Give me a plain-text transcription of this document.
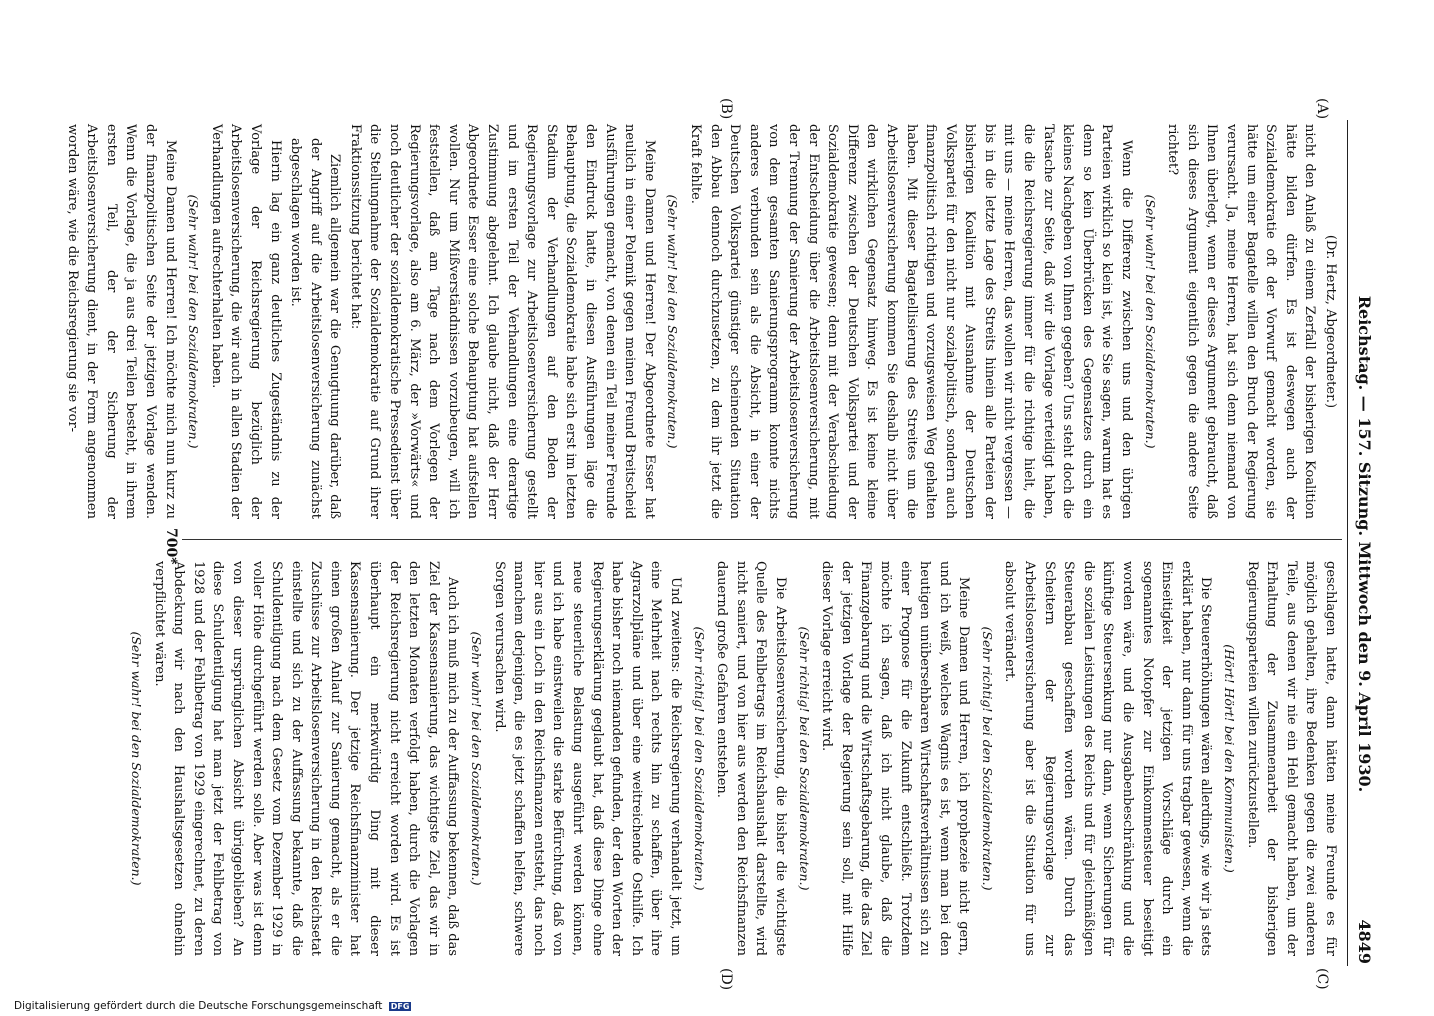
Reichstag. — 157. Sitzung. Mittwoch den 9. April 1930.
4849
(A)
(B)
(C)
(D)

(Dr. Hertz, Abgeordneter.)

nicht den Anlaß zu einem Zerfall der bisherigen Koalition hätte bilden dürfen. Es ist deswegen auch der Sozialdemokratie oft der Vorwurf gemacht worden, sie hätte um einer Bagatelle willen den Bruch der Regierung verursacht. Ja, meine Herren, hat sich denn niemand von Ihnen überlegt, wenn er dieses Argument gebraucht, daß sich dieses Argument eigentlich gegen die andere Seite richtet?

(Sehr wahr! bei den Sozialdemokraten.)

Wenn die Differenz zwischen uns und den übrigen Parteien wirklich so klein ist, wie Sie sagen, warum hat es denn so kein Überbrücken des Gegensatzes durch ein kleines Nachgeben von Ihnen gegeben? Uns steht doch die Tatsache zur Seite, daß wir die Vorlage verteidigt haben, die die Reichsregierung immer für die richtige hielt, die mit uns — meine Herren, das wollen wir nicht vergessen — bis in die letzte Lage des Streits hinein alle Parteien der bisherigen Koalition mit Ausnahme der Deutschen Volkspartei für den nicht nur sozialpolitisch, sondern auch finanzpolitisch richtigen und vorzugsweisen Weg gehalten haben. Mit dieser Bagatellisierung des Streites um die Arbeitslosenversicherung kommen Sie deshalb nicht über den wirklichen Gegensatz hinweg. Es ist keine kleine Differenz zwischen der Deutschen Volkspartei und der Sozialdemokratie gewesen; denn mit der Verabschiedung der Entscheidung über die Arbeitslosenversicherung, mit der Trennung der Sanierung der Arbeitslosenversicherung von dem gesamten Sanierungsprogramm konnte nichts anderes verbunden sein als die Absicht, in einer der Deutschen Volkspartei günstiger scheinenden Situation den Abbau dennoch durchzusetzen, zu dem ihr jetzt die Kraft fehlte.

(Sehr wahr! bei den Sozialdemokraten.)

Meine Damen und Herren! Der Abgeordnete Esser hat neulich in einer Polemik gegen meinen Freund Breitscheid Ausführungen gemacht, von denen ein Teil meiner Freunde den Eindruck hatte, in diesen Ausführungen läge die Behauptung, die Sozialdemokratie habe sich erst im letzten Stadium der Verhandlungen auf den Boden der Regierungsvorlage zur Arbeitslosenversicherung gestellt und im ersten Teil der Verhandlungen eine derartige Zustimmung abgelehnt. Ich glaube nicht, daß der Herr Abgeordnete Esser eine solche Behauptung hat aufstellen wollen. Nur um Mißverständnissen vorzubeugen, will ich feststellen, daß am Tage nach dem Vorlegen der Regierungsvorlage, also am 6. März, der »Vorwärts« und noch deutlicher der sozialdemokratische Pressedienst über die Stellungnahme der Sozialdemokratie auf Grund ihrer Fraktionssitzung berichtet hat:

Ziemlich allgemein war die Genugtuung darüber, daß der Angriff auf die Arbeitslosenversicherung zunächst abgeschlagen worden ist.

Hierin lag ein ganz deutliches Zugeständnis zu der Vorlage der Reichsregierung bezüglich der Arbeitslosenversicherung, die wir auch in allen Stadien der Verhandlungen aufrechterhalten haben.

(Sehr wahr! bei den Sozialdemokraten.)

Meine Damen und Herren! Ich möchte mich nun kurz zu der finanzpolitischen Seite der jetzigen Vorlage wenden. Wenn die Vorlage, die ja aus drei Teilen besteht, in ihrem ersten Teil, der der Sicherung der Arbeitslosenversicherung dient, in der Form angenommen worden wäre, wie die Reichsregierung sie vor-

geschlagen hatte, dann hätten meine Freunde es für möglich gehalten, ihre Bedenken gegen die zwei anderen Teile, aus denen wir nie ein Hehl gemacht haben, um der Erhaltung der Zusammenarbeit der bisherigen Regierungsparteien willen zurückzustellen.

(Hört! Hört! bei den Kommunisten.)

Die Steuererhöhungen wären allerdings, wie wir ja stets erklärt haben, nur dann für uns tragbar gewesen, wenn die Einseitigkeit der jetzigen Vorschläge durch ein sogenanntes Notopfer zur Einkommensteuer beseitigt worden wäre, und die Ausgabenbeschränkung und die künftige Steuersenkung nur dann, wenn Sicherungen für die sozialen Leistungen des Reichs und für gleichmäßigen Steuerabbau geschaffen worden wären. Durch das Scheitern der Regierungsvorlage zur Arbeitslosenversicherung aber ist die Situation für uns absolut verändert.

(Sehr richtig! bei den Sozialdemokraten.)

Meine Damen und Herren, ich prophezeie nicht gern, und ich weiß, welches Wagnis es ist, wenn man bei den heutigen unübersehbaren Wirtschaftsverhältnissen sich zu einer Prognose für die Zukunft entschließt. Trotzdem möchte ich sagen, daß ich nicht glaube, daß die Finanzgebarung und die Wirtschaftsgebarung, die das Ziel der jetzigen Vorlage der Regierung sein soll, mit Hilfe dieser Vorlage erreicht wird.

(Sehr richtig! bei den Sozialdemokraten.)

Die Arbeitslosenversicherung, die bisher die wichtigste Quelle des Fehlbetrags im Reichshaushalt darstellte, wird nicht saniert, und von hier aus werden den Reichsfinanzen dauernd große Gefahren entstehen.

(Sehr richtig! bei den Sozialdemokraten.)

Und zweitens: die Reichsregierung verhandelt jetzt, um eine Mehrheit nach rechts hin zu schaffen, über ihre Agrarzollpläne und über eine weitreichende Osthilfe. Ich habe bisher noch niemanden gefunden, der den Worten der Regierungserklärung geglaubt hat, daß diese Dinge ohne neue steuerliche Belastung ausgeführt werden können, und ich habe einstweilen die starke Befürchtung, daß von hier aus ein Loch in den Reichsfinanzen entsteht, das noch manchem derjenigen, die es jetzt schaffen helfen, schwere Sorgen verursachen wird.

(Sehr wahr! bei den Sozialdemokraten.)

Auch ich muß mich zu der Auffassung bekennen, daß das Ziel der Kassensanierung, das wichtigste Ziel, das wir in den letzten Monaten verfolgt haben, durch die Vorlagen der Reichsregierung nicht erreicht worden wird. Es ist überhaupt ein merkwürdig Ding mit dieser Kassensanierung. Der jetzige Reichsfinanzminister hat einen großen Anlauf zur Sanierung gemacht, als er die Zuschüsse zur Arbeitslosenversicherung in den Reichsetat einstellte und sich zu der Auffassung bekannte, daß die Schuldentilgung nach dem Gesetz vom Dezember 1929 in voller Höhe durchgeführt werden solle. Aber was ist denn von dieser ursprünglichen Absicht übriggeblieben? An diese Schuldentilgung hat man jetzt der Fehlbetrag von 1928 und der Fehlbetrag von 1929 eingerechnet, zu deren Abdeckung wir nach den Haushaltsgesetzen ohnehin verpflichtet wären.

(Sehr wahr! bei den Sozialdemokraten.)

700*
Digitalisierung gefördert durch die Deutsche Forschungsgemeinschaft DFG
